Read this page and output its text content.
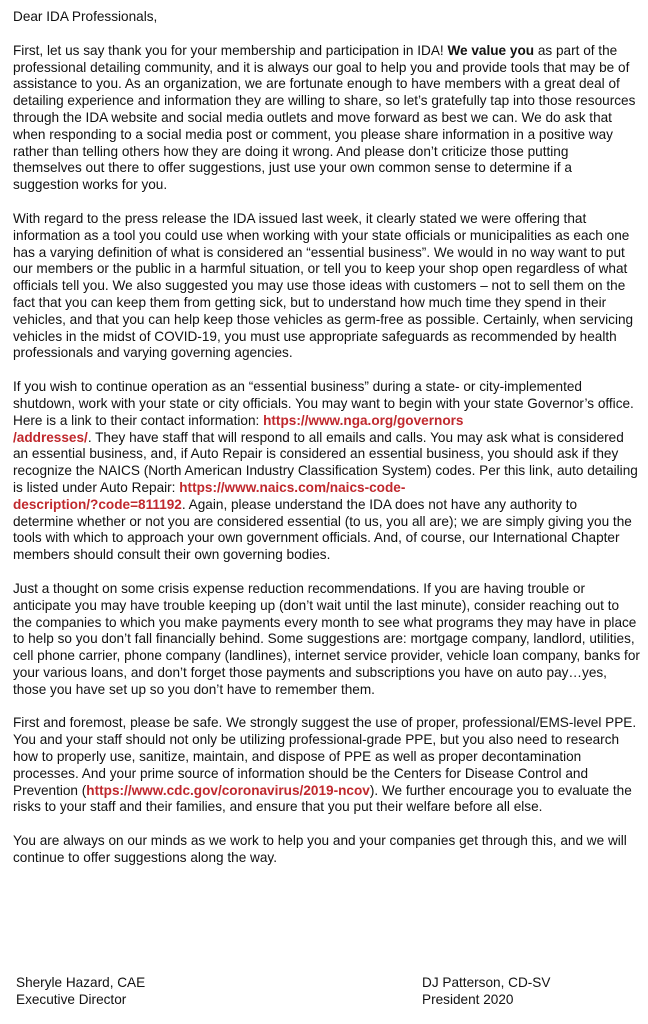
Dear IDA Professionals,

First, let us say thank you for your membership and participation in IDA! We value you as part of the professional detailing community, and it is always our goal to help you and provide tools that may be of assistance to you. As an organization, we are fortunate enough to have members with a great deal of detailing experience and information they are willing to share, so let’s gratefully tap into those resources through the IDA website and social media outlets and move forward as best we can. We do ask that when responding to a social media post or comment, you please share information in a positive way rather than telling others how they are doing it wrong. And please don’t criticize those putting themselves out there to offer suggestions, just use your own common sense to determine if a suggestion works for you.

With regard to the press release the IDA issued last week, it clearly stated we were offering that information as a tool you could use when working with your state officials or municipalities as each one has a varying definition of what is considered an “essential business”. We would in no way want to put our members or the public in a harmful situation, or tell you to keep your shop open regardless of what officials tell you. We also suggested you may use those ideas with customers – not to sell them on the fact that you can keep them from getting sick, but to understand how much time they spend in their vehicles, and that you can help keep those vehicles as germ-free as possible. Certainly, when servicing vehicles in the midst of COVID-19, you must use appropriate safeguards as recommended by health professionals and varying governing agencies.

If you wish to continue operation as an “essential business” during a state- or city-implemented shutdown, work with your state or city officials. You may want to begin with your state Governor’s office. Here is a link to their contact information: https://www.nga.org/governors
/addresses/. They have staff that will respond to all emails and calls. You may ask what is considered an essential business, and, if Auto Repair is considered an essential business, you should ask if they recognize the NAICS (North American Industry Classification System) codes. Per this link, auto detailing is listed under Auto Repair: https://www.naics.com/naics-code-
description/?code=811192. Again, please understand the IDA does not have any authority to determine whether or not you are considered essential (to us, you all are); we are simply giving you the tools with which to approach your own government officials. And, of course, our International Chapter members should consult their own governing bodies.

Just a thought on some crisis expense reduction recommendations. If you are having trouble or anticipate you may have trouble keeping up (don’t wait until the last minute), consider reaching out to the companies to which you make payments every month to see what programs they may have in place to help so you don’t fall financially behind. Some suggestions are: mortgage company, landlord, utilities, cell phone carrier, phone company (landlines), internet service provider, vehicle loan company, banks for your various loans, and don’t forget those payments and subscriptions you have on auto pay…yes, those you have set up so you don’t have to remember them.

First and foremost, please be safe. We strongly suggest the use of proper, professional/EMS-level PPE. You and your staff should not only be utilizing professional-grade PPE, but you also need to research how to properly use, sanitize, maintain, and dispose of PPE as well as proper decontamination processes. And your prime source of information should be the Centers for Disease Control and Prevention (https://www.cdc.gov/coronavirus/2019-ncov). We further encourage you to evaluate the risks to your staff and their families, and ensure that you put their welfare before all else.

You are always on our minds as we work to help you and your companies get through this, and we will continue to offer suggestions along the way.

Sheryle Hazard, CAE
Executive Director
DJ Patterson, CD-SV
President 2020
